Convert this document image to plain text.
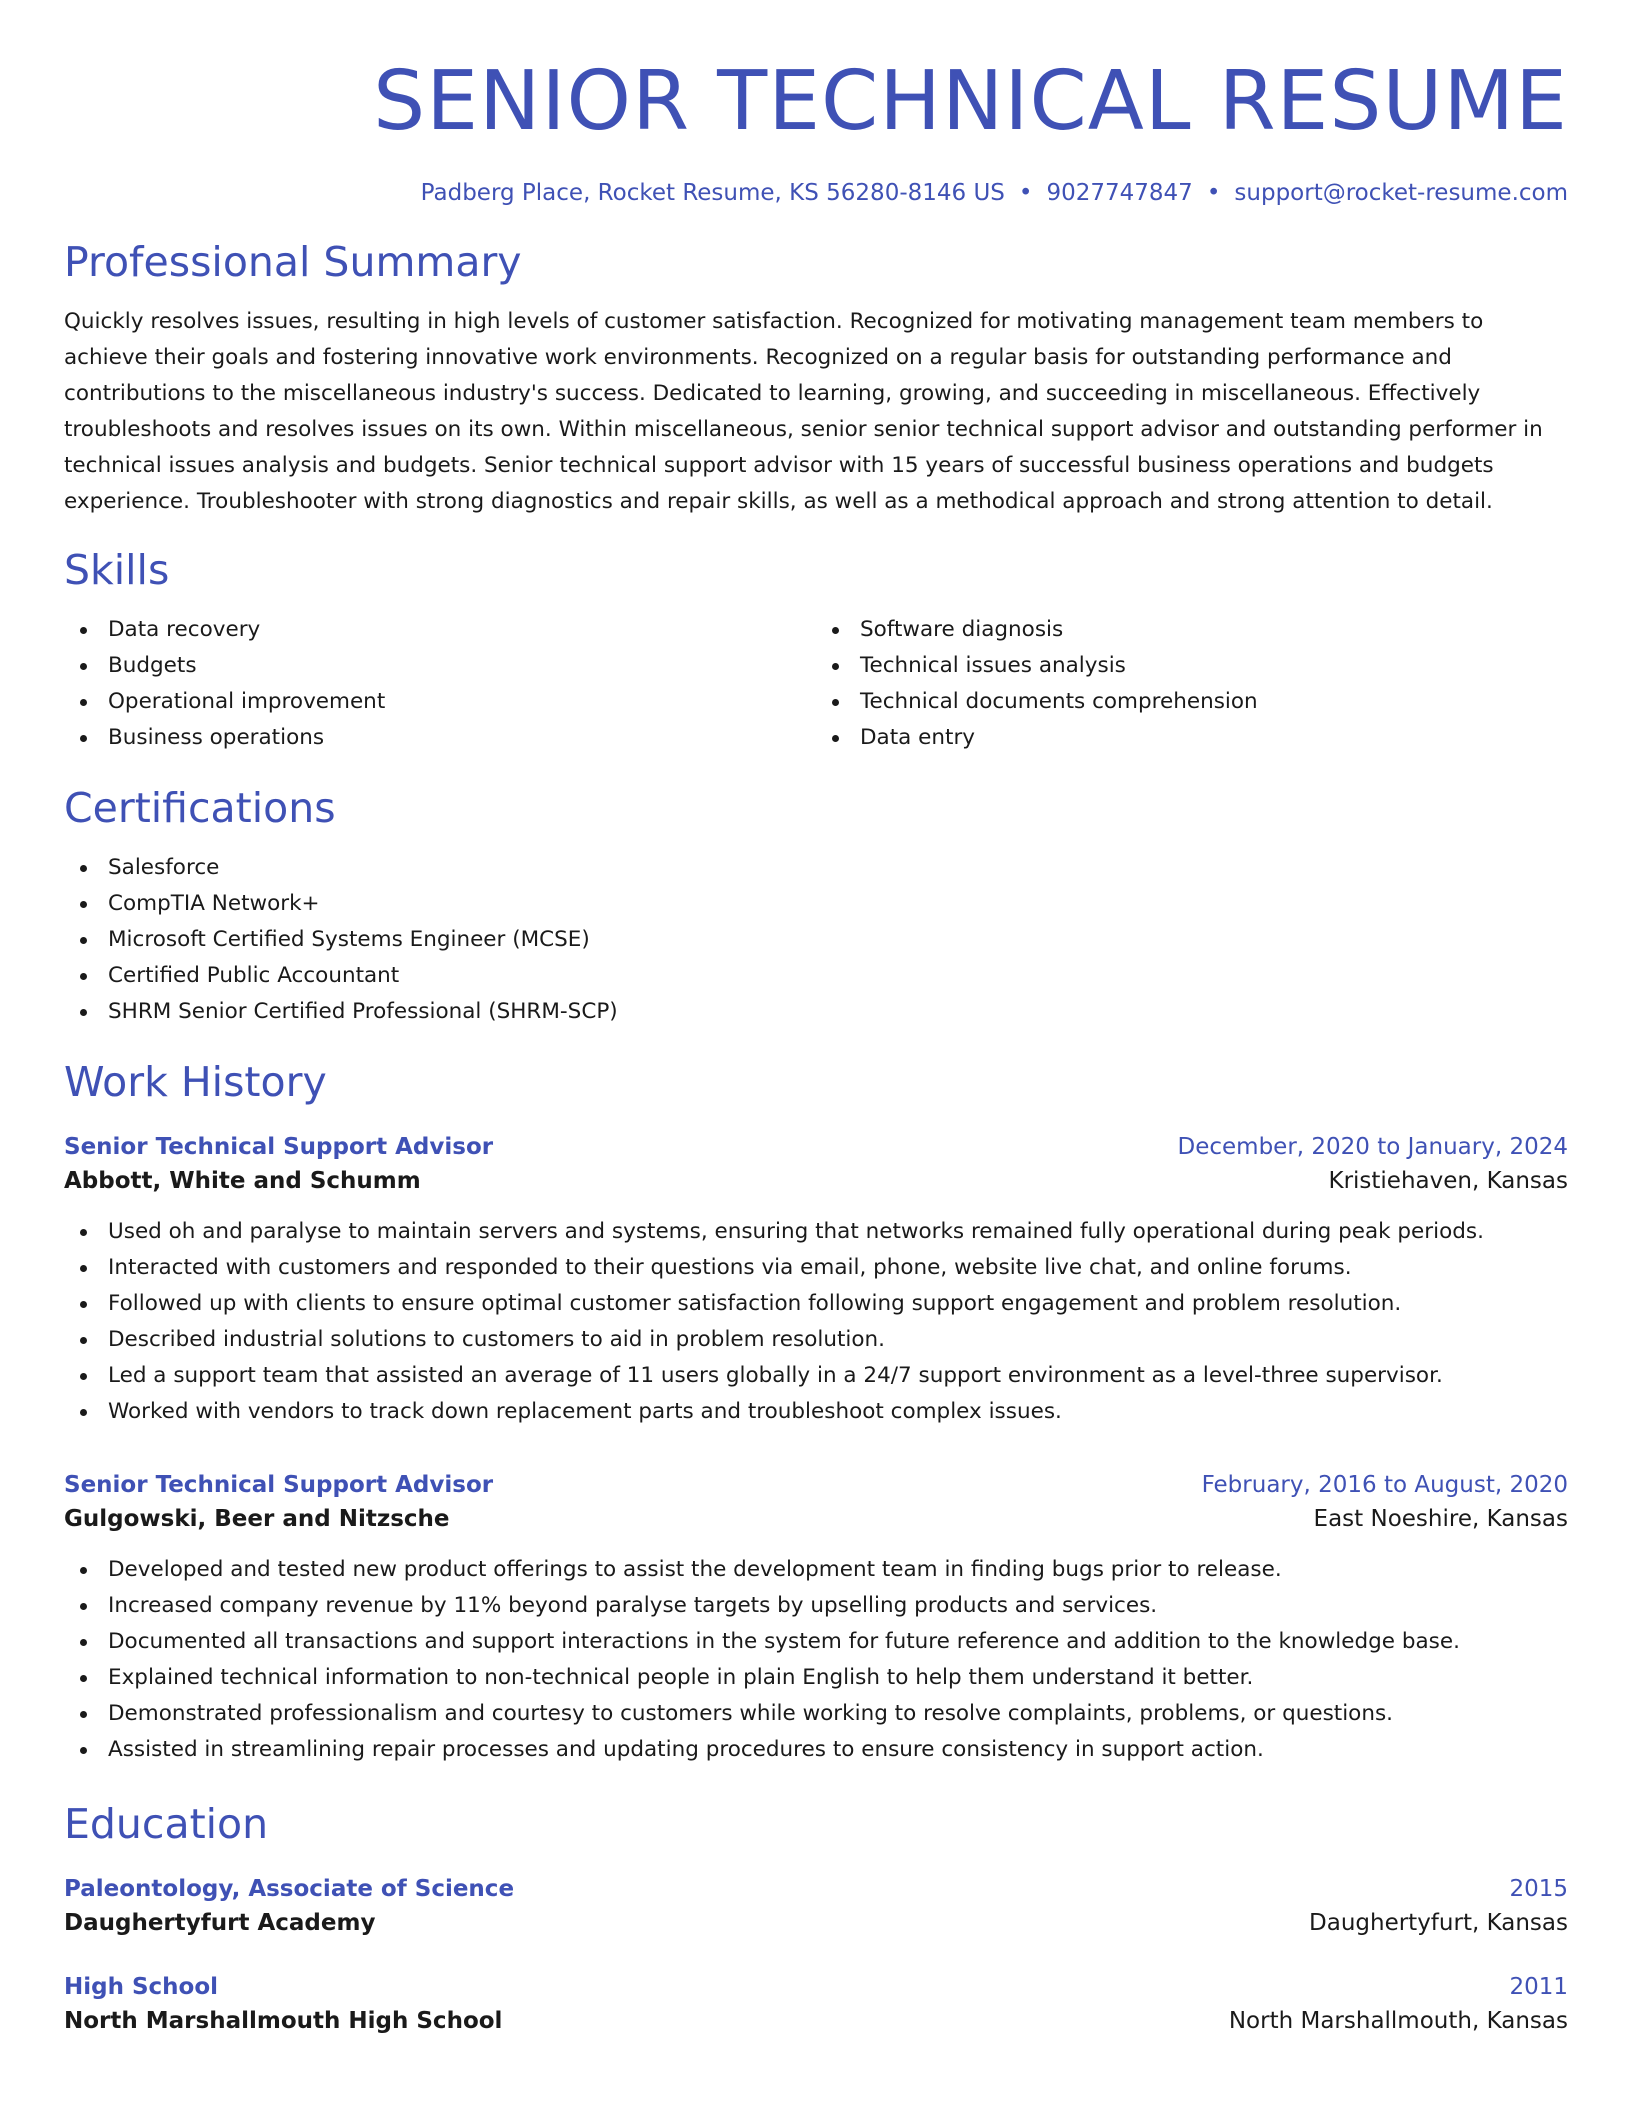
SENIOR TECHNICAL RESUME
Padberg Place, Rocket Resume, KS 56280-8146 US • 9027747847 • support@rocket-resume.com
Professional Summary

Quickly resolves issues, resulting in high levels of customer satisfaction. Recognized for motivating management team members to achieve their goals and fostering innovative work environments. Recognized on a regular basis for outstanding performance and contributions to the miscellaneous industry's success. Dedicated to learning, growing, and succeeding in miscellaneous. Effectively troubleshoots and resolves issues on its own. Within miscellaneous, senior senior technical support advisor and outstanding performer in technical issues analysis and budgets. Senior technical support advisor with 15 years of successful business operations and budgets experience. Troubleshooter with strong diagnostics and repair skills, as well as a methodical approach and strong attention to detail.

Skills
Data recovery
Budgets
Operational improvement
Business operations
Software diagnosis
Technical issues analysis
Technical documents comprehension
Data entry
Certifications
Salesforce
CompTIA Network+
Microsoft Certified Systems Engineer (MCSE)
Certified Public Accountant
SHRM Senior Certified Professional (SHRM-SCP)
Work History
Senior Technical Support Advisor	December, 2020 to January, 2024
Abbott, White and Schumm	Kristiehaven, Kansas
Used oh and paralyse to maintain servers and systems, ensuring that networks remained fully operational during peak periods.
Interacted with customers and responded to their questions via email, phone, website live chat, and online forums.
Followed up with clients to ensure optimal customer satisfaction following support engagement and problem resolution.
Described industrial solutions to customers to aid in problem resolution.
Led a support team that assisted an average of 11 users globally in a 24/7 support environment as a level-three supervisor.
Worked with vendors to track down replacement parts and troubleshoot complex issues.
Senior Technical Support Advisor	February, 2016 to August, 2020
Gulgowski, Beer and Nitzsche	East Noeshire, Kansas
Developed and tested new product offerings to assist the development team in finding bugs prior to release.
Increased company revenue by 11% beyond paralyse targets by upselling products and services.
Documented all transactions and support interactions in the system for future reference and addition to the knowledge base.
Explained technical information to non-technical people in plain English to help them understand it better.
Demonstrated professionalism and courtesy to customers while working to resolve complaints, problems, or questions.
Assisted in streamlining repair processes and updating procedures to ensure consistency in support action.
Education
Paleontology, Associate of Science	2015
Daughertyfurt Academy	Daughertyfurt, Kansas
High School	2011
North Marshallmouth High School	North Marshallmouth, Kansas
